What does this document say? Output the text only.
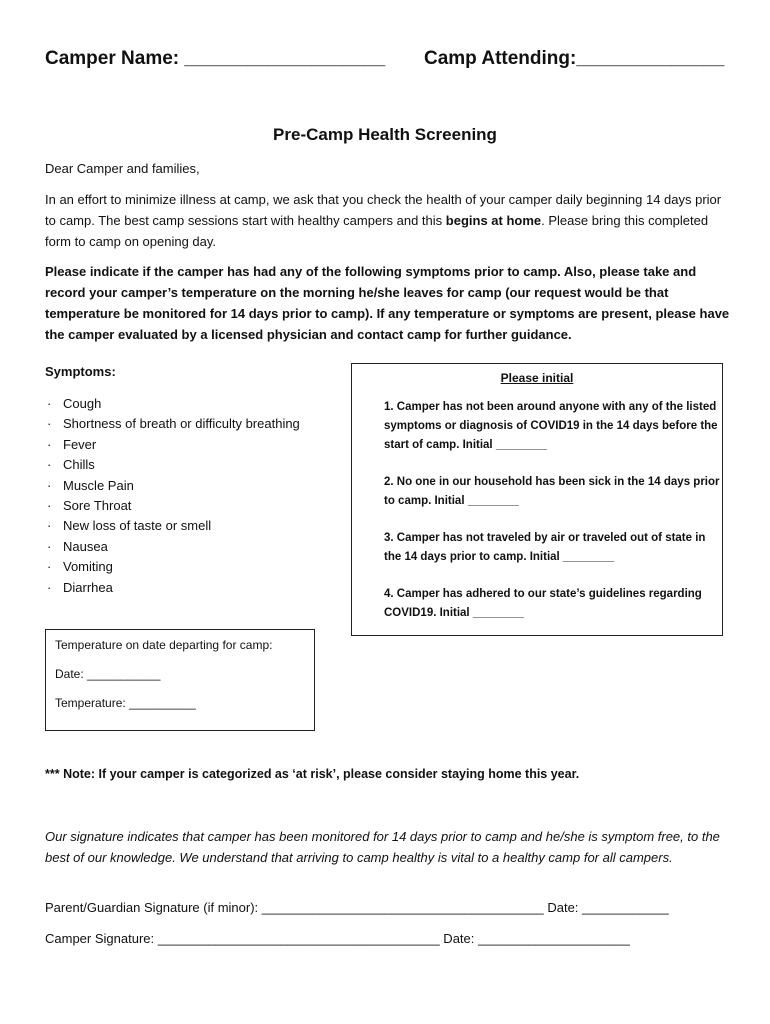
Camper Name: ___________________ Camp Attending:______________
Pre-Camp Health Screening
Dear Camper and families,
In an effort to minimize illness at camp, we ask that you check the health of your camper daily beginning 14 days prior to camp. The best camp sessions start with healthy campers and this begins at home. Please bring this completed form to camp on opening day.
Please indicate if the camper has had any of the following symptoms prior to camp. Also, please take and record your camper’s temperature on the morning he/she leaves for camp (our request would be that temperature be monitored for 14 days prior to camp). If any temperature or symptoms are present, please have the camper evaluated by a licensed physician and contact camp for further guidance.
Symptoms:
· Cough
· Shortness of breath or difficulty breathing
· Fever
· Chills
· Muscle Pain
· Sore Throat
· New loss of taste or smell
· Nausea
· Vomiting
· Diarrhea
Please initial
1. Camper has not been around anyone with any of the listed symptoms or diagnosis of COVID19 in the 14 days before the start of camp. Initial ________
2. No one in our household has been sick in the 14 days prior to camp. Initial ________
3. Camper has not traveled by air or traveled out of state in the 14 days prior to camp. Initial ________
4. Camper has adhered to our state’s guidelines regarding COVID19. Initial ________
Temperature on date departing for camp:
Date: ___________
Temperature: __________
*** Note: If your camper is categorized as ‘at risk’, please consider staying home this year.
Our signature indicates that camper has been monitored for 14 days prior to camp and he/she is symptom free, to the best of our knowledge. We understand that arriving to camp healthy is vital to a healthy camp for all campers.
Parent/Guardian Signature (if minor): _______________________________________ Date: ____________
Camper Signature: _______________________________________ Date: _____________________
